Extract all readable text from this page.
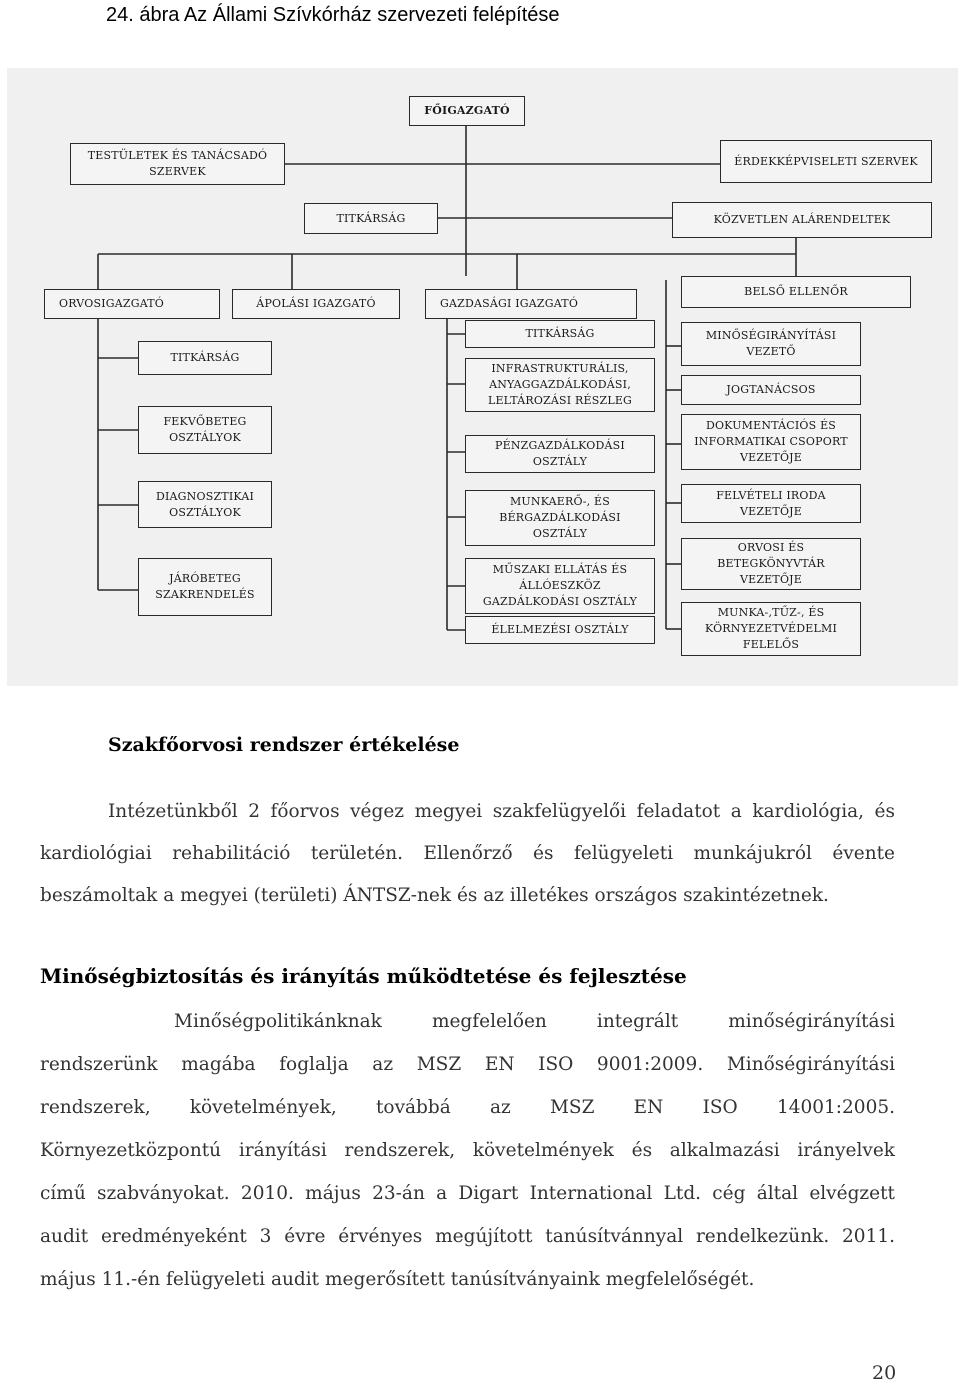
24. ábra Az Állami Szívkórház szervezeti felépítése
FŐIGAZGATÓ
TESTÜLETEK ÉS TANÁCSADÓ
SZERVEK
ÉRDEKKÉPVISELETI SZERVEK
TITKÁRSÁG	KÖZVETLEN ALÁRENDELTEK
ORVOSIGAZGATÓ	ÁPOLÁSI IGAZGATÓ	GAZDASÁGI IGAZGATÓ
BELSŐ ELLENŐR
TITKÁRSÁG
FEKVŐBETEG
OSZTÁLYOK
DIAGNOSZTIKAI
OSZTÁLYOK
JÁRÓBETEG
SZAKRENDELÉS
TITKÁRSÁG
INFRASTRUKTURÁLIS,
ANYAGGAZDÁLKODÁSI,
LELTÁROZÁSI RÉSZLEG
PÉNZGAZDÁLKODÁSI
OSZTÁLY
MUNKAERŐ-, ÉS
BÉRGAZDÁLKODÁSI
OSZTÁLY
MŰSZAKI ELLÁTÁS ÉS
ÁLLÓESZKÖZ
GAZDÁLKODÁSI OSZTÁLY
ÉLELMEZÉSI OSZTÁLY
MINŐSÉGIRÁNYÍTÁSI
VEZETŐ
JOGTANÁCSOS
DOKUMENTÁCIÓS ÉS
INFORMATIKAI CSOPORT
VEZETŐJE
FELVÉTELI IRODA
VEZETŐJE
ORVOSI ÉS
BETEGKÖNYVTÁR
VEZETŐJE
MUNKA-,TŰZ-, ÉS
KÖRNYEZETVÉDELMI
FELELŐS
Szakfőorvosi rendszer értékelése
Intézetünkből 2 főorvos végez megyei szakfelügyelői feladatot a kardiológia, és
kardiológiai rehabilitáció területén. Ellenőrző és felügyeleti munkájukról évente
beszámoltak a megyei (területi) ÁNTSZ-nek és az illetékes országos szakintézetnek.
Minőségbiztosítás és irányítás működtetése és fejlesztése
Minőségpolitikánknak megfelelően integrált minőségirányítási
rendszerünk magába foglalja az MSZ EN ISO 9001:2009. Minőségirányítási
rendszerek, követelmények, továbbá az MSZ EN ISO 14001:2005.
Környezetközpontú irányítási rendszerek, követelmények és alkalmazási irányelvek
című szabványokat. 2010. május 23-án a Digart International Ltd. cég által elvégzett
audit eredményeként 3 évre érvényes megújított tanúsítvánnyal rendelkezünk. 2011.
május 11.-én felügyeleti audit megerősített tanúsítványaink megfelelőségét.
20
